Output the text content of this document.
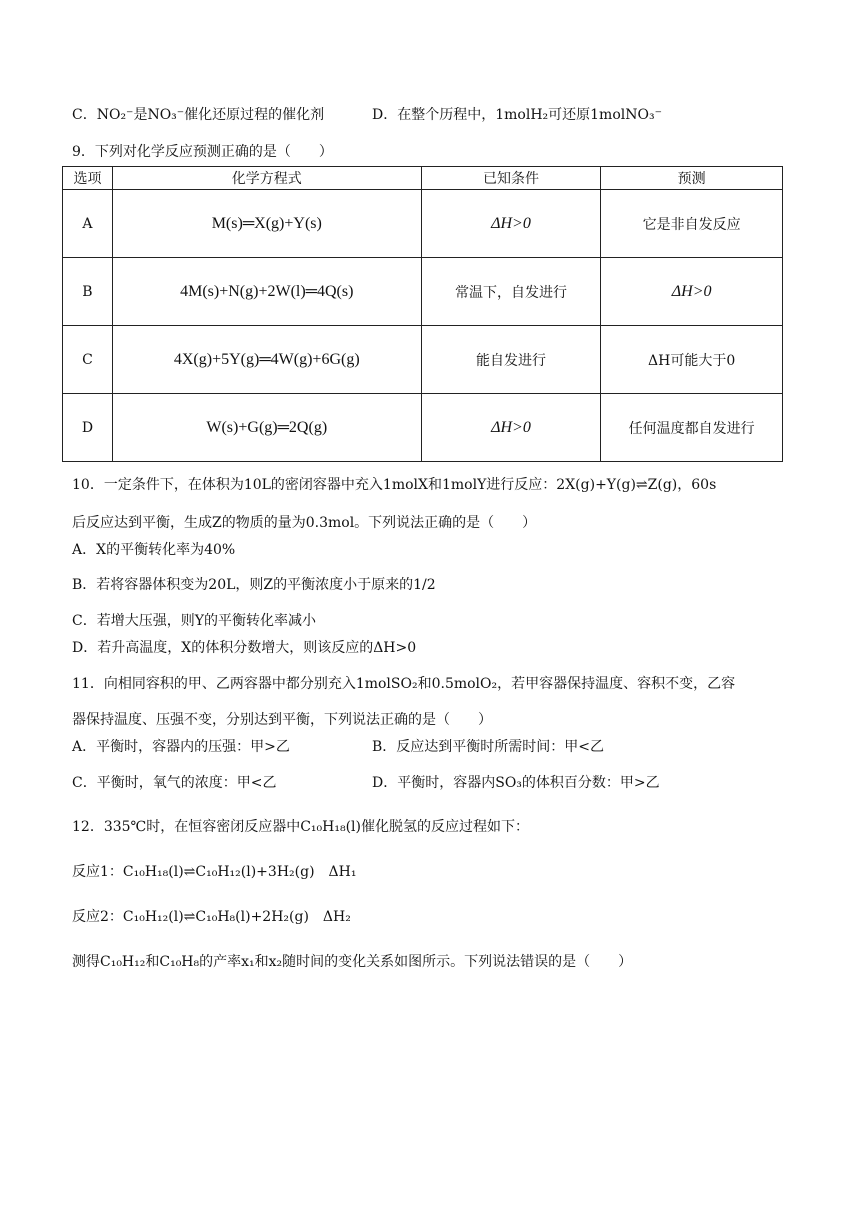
C．NO₂⁻是NO₃⁻催化还原过程的催化剂	D．在整个历程中，1molH₂可还原1molNO₃⁻
9．下列对化学反应预测正确的是（　　）
选项	化学方程式	已知条件	预测
A	M(s)═X(g)+Y(s)	ΔH>0	它是非自发反应
B	4M(s)+N(g)+2W(l)═4Q(s)	常温下，自发进行	ΔH>0
C	4X(g)+5Y(g)═4W(g)+6G(g)	能自发进行	ΔH可能大于0
D	W(s)+G(g)═2Q(g)	ΔH>0	任何温度都自发进行
10．一定条件下，在体积为10L的密闭容器中充入1molX和1molY进行反应：2X(g)+Y(g)⇌Z(g)，60s
后反应达到平衡，生成Z的物质的量为0.3mol。下列说法正确的是（　　）
A．X的平衡转化率为40%
B．若将容器体积变为20L，则Z的平衡浓度小于原来的1/2
C．若增大压强，则Y的平衡转化率减小
D．若升高温度，X的体积分数增大，则该反应的ΔH>0
11．向相同容积的甲、乙两容器中都分别充入1molSO₂和0.5molO₂，若甲容器保持温度、容积不变，乙容
器保持温度、压强不变，分别达到平衡，下列说法正确的是（　　）
A．平衡时，容器内的压强：甲>乙	B．反应达到平衡时所需时间：甲<乙
C．平衡时，氧气的浓度：甲<乙	D．平衡时，容器内SO₃的体积百分数：甲>乙
12．335℃时，在恒容密闭反应器中C₁₀H₁₈(l)催化脱氢的反应过程如下：
反应1：C₁₀H₁₈(l)⇌C₁₀H₁₂(l)+3H₂(g)　ΔH₁
反应2：C₁₀H₁₂(l)⇌C₁₀H₈(l)+2H₂(g)　ΔH₂
测得C₁₀H₁₂和C₁₀H₈的产率x₁和x₂随时间的变化关系如图所示。下列说法错误的是（　　）
